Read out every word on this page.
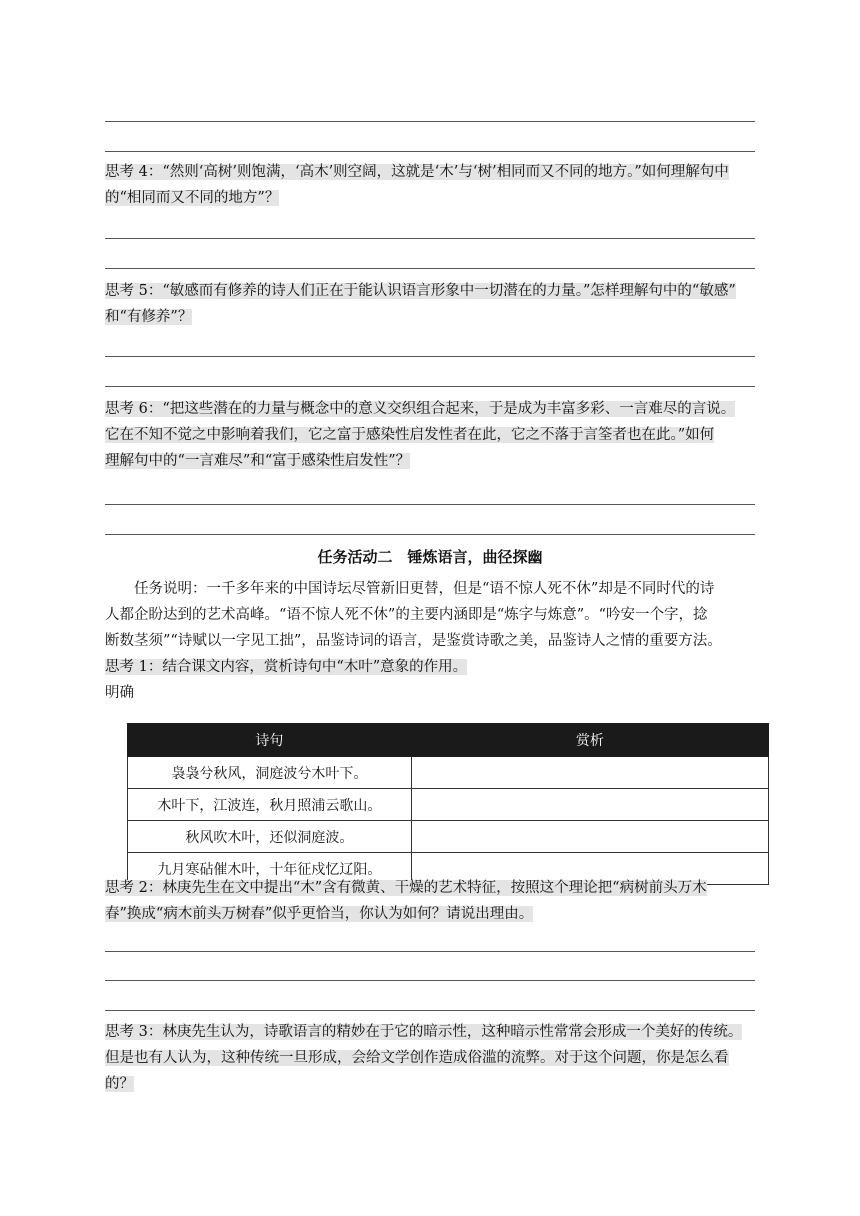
思考 4：“然则‘高树’则饱满，‘高木’则空阔，这就是‘木’与‘树’相同而又不同的地方。”如何理解句中
的“相同而又不同的地方”？
思考 5：“敏感而有修养的诗人们正在于能认识语言形象中一切潜在的力量。”怎样理解句中的“敏感”
和“有修养”？
思考 6：“把这些潜在的力量与概念中的意义交织组合起来，于是成为丰富多彩、一言难尽的言说。
它在不知不觉之中影响着我们，它之富于感染性启发性者在此，它之不落于言筌者也在此。”如何
理解句中的“一言难尽”和“富于感染性启发性”？
任务活动二　锤炼语言，曲径探幽
任务说明：一千多年来的中国诗坛尽管新旧更替，但是“语不惊人死不休”却是不同时代的诗
人都企盼达到的艺术高峰。“语不惊人死不休”的主要内涵即是“炼字与炼意”。“吟安一个字，捻
断数茎须”“诗赋以一字见工拙”，品鉴诗词的语言，是鉴赏诗歌之美，品鉴诗人之情的重要方法。
思考 1：结合课文内容，赏析诗句中“木叶”意象的作用。
明确
诗句	赏析
袅袅兮秋风，洞庭波兮木叶下。	
木叶下，江波连，秋月照浦云歌山。	
秋风吹木叶，还似洞庭波。	
九月寒砧催木叶，十年征戍忆辽阳。	
思考 2：林庚先生在文中提出“木”含有微黄、干燥的艺术特征，按照这个理论把“病树前头万木
春”换成“病木前头万树春”似乎更恰当，你认为如何？请说出理由。
思考 3：林庚先生认为，诗歌语言的精妙在于它的暗示性，这种暗示性常常会形成一个美好的传统。
但是也有人认为，这种传统一旦形成，会给文学创作造成俗滥的流弊。对于这个问题，你是怎么看
的？
